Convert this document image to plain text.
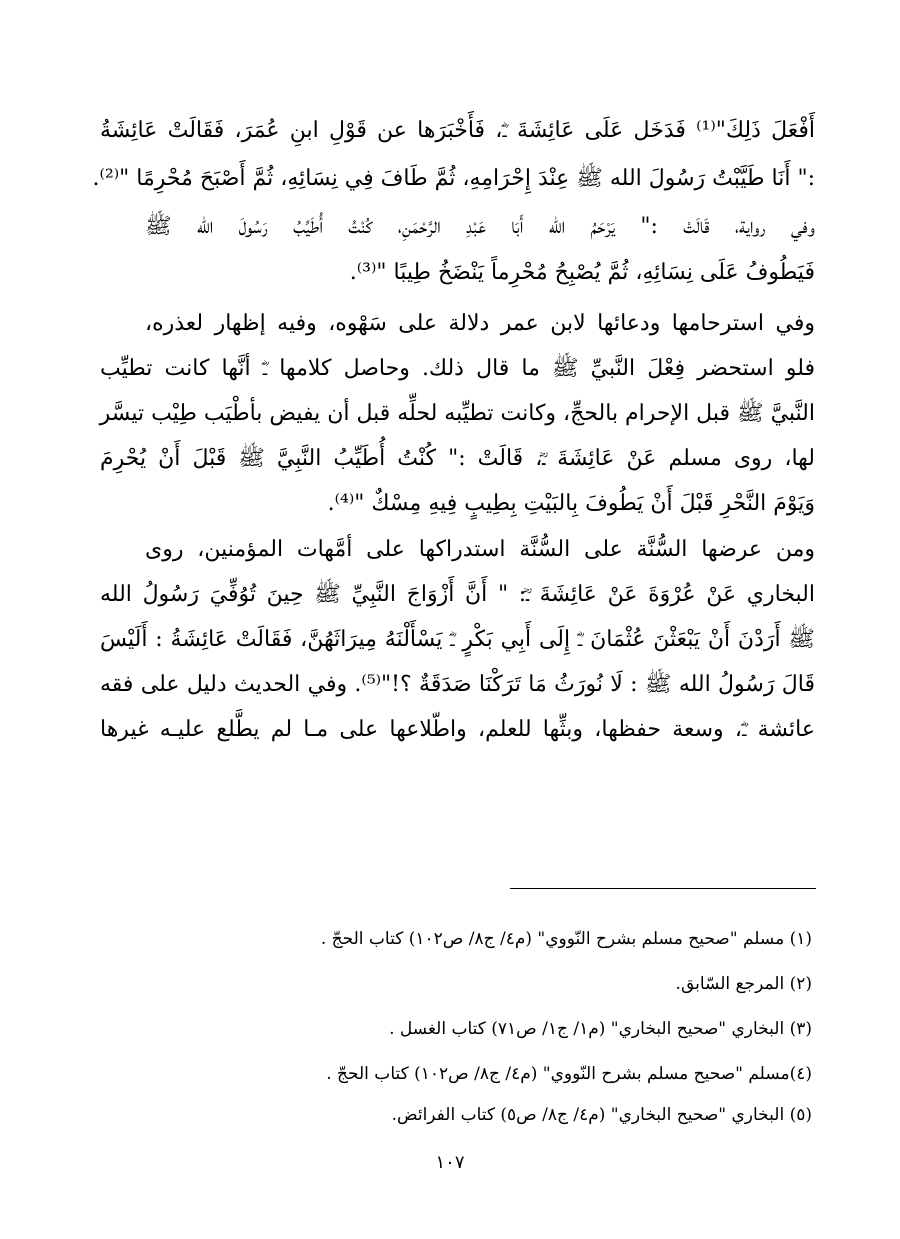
أَفْعَلَ ذَلِكَ"⁽¹⁾ فَدَخَل عَلَى عَائِشَةَ ـؓ، فَأَخْبَرَها عن قَوْلِ ابنِ عُمَرَ، فَقَالَتْ عَائِشَةُ
:" أَنَا طَيَّبْتُ رَسُولَ الله ﷺ عِنْدَ إِحْرَامِهِ، ثُمَّ طَافَ فِي نِسَائِهِ، ثُمَّ أَصْبَحَ مُحْرِمًا "⁽²⁾.
وفي رواية، قَالَتْ :" يَرْحَمُ الله أَبَا عَبْدِ الرَّحْمَنِ، كُنْتُ أُطَيِّبُ رَسُولَ الله ﷺ
فَيَطُوفُ عَلَى نِسَائِهِ، ثُمَّ يُصْبِحُ مُحْرِماً يَنْضَخُ طِيبًا "⁽³⁾.
وفي استرحامها ودعائها لابن عمر دلالة على سَهْوه، وفيه إظهار لعذره،
فلو استحضر فِعْلَ النَّبيِّ ﷺ ما قال ذلك. وحاصل كلامها ـؓ أنَّها كانت تطيِّب
النَّبيَّ ﷺ قبل الإحرام بالحجِّ، وكانت تطيِّبه لحلِّه قبل أن يفيض بأطْيَب طِيْب تيسَّر
لها، روى مسلم عَنْ عَائِشَةَ ـؓ، قَالَتْ :" كُنْتُ أُطَيِّبُ النَّبِيَّ ﷺ قَبْلَ أَنْ يُحْرِمَ
وَيَوْمَ النَّحْرِ قَبْلَ أَنْ يَطُوفَ بِالبَيْتِ بِطِيبٍ فِيهِ مِسْكٌ "⁽⁴⁾.
ومن عرضها السُّنَّة على السُّنَّة استدراكها على أمَّهات المؤمنين، روى
البخاري عَنْ عُرْوَةَ عَنْ عَائِشَةَ ـؓ: " أَنَّ أَزْوَاجَ النَّبِيِّ ﷺ حِينَ تُوُفِّيَ رَسُولُ الله
ﷺ أَرَدْنَ أَنْ يَبْعَثْنَ عُثْمَانَ ـؓ إِلَى أَبِي بَكْرٍ ـؓ يَسْأَلْنَهُ مِيرَاثَهُنَّ، فَقَالَتْ عَائِشَةُ : أَلَيْسَ
قَالَ رَسُولُ الله ﷺ : لَا نُورَثُ مَا تَرَكْنَا صَدَقَةٌ ؟!"⁽⁵⁾. وفي الحديث دليل على فقه
عائشة ـؓ، وسعة حفظها، وبثِّها للعلم، واطّلاعها على مـا لم يطَّلع عليـه غيرها
(١) مسلم "صحيح مسلم بشرح النّووي" (م٤/ ج٨/ ص١٠٢) كتاب الحجّ .
(٢) المرجع السّابق.
(٣) البخاري "صحيح البخاري" (م١/ ج١/ ص٧١) كتاب الغسل .
(٤)مسلم "صحيح مسلم بشرح النّووي" (م٤/ ج٨/ ص١٠٢) كتاب الحجّ .
(٥) البخاري "صحيح البخاري" (م٤/ ج٨/ ص٥) كتاب الفرائض.
١٠٧
